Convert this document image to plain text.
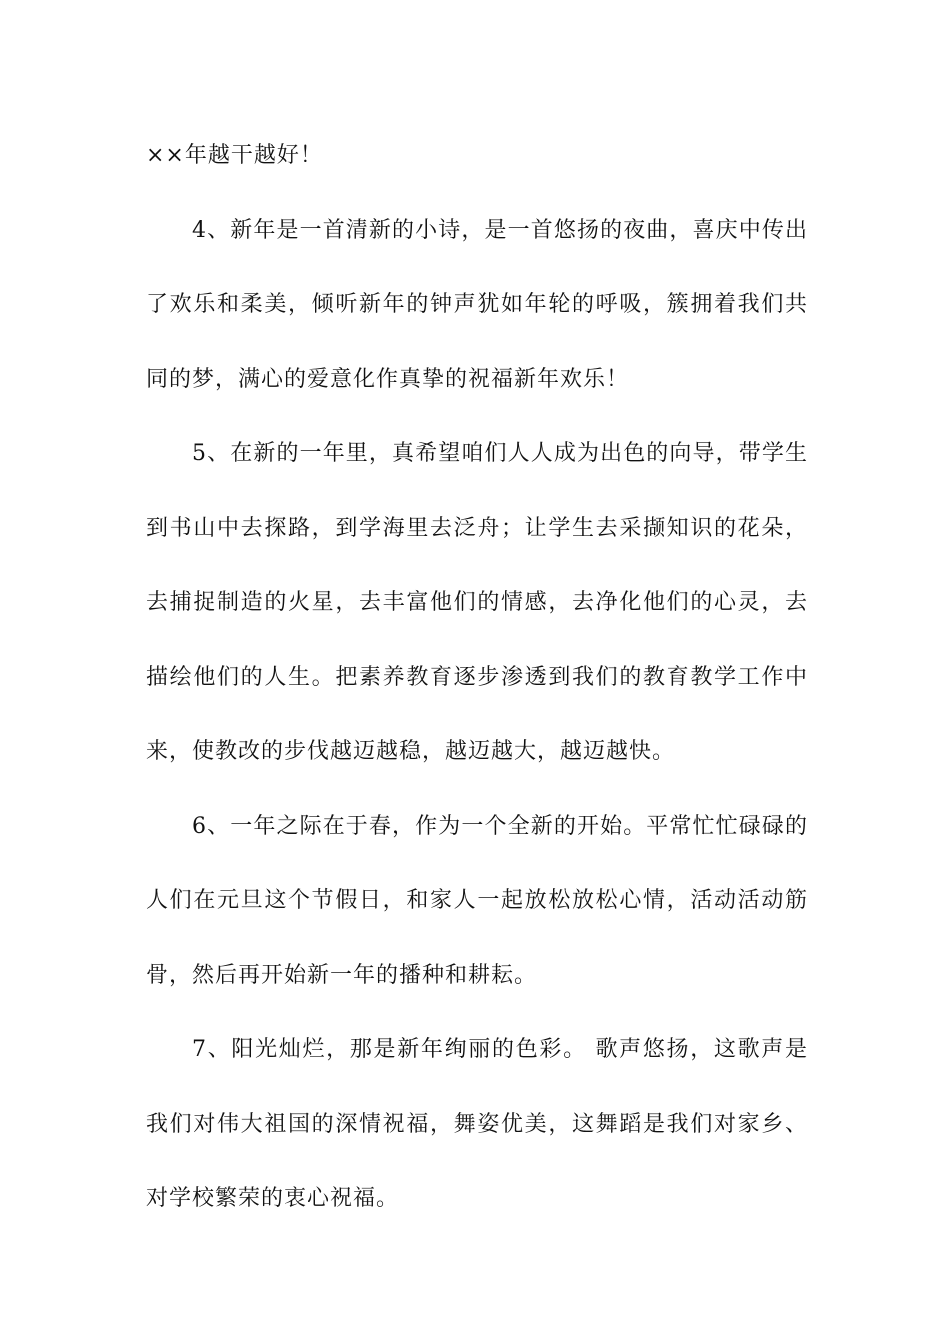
××年越干越好！

4、新年是一首清新的小诗，是一首悠扬的夜曲，喜庆中传出了欢乐和柔美，倾听新年的钟声犹如年轮的呼吸，簇拥着我们共同的梦，满心的爱意化作真挚的祝福新年欢乐！

5、在新的一年里，真希望咱们人人成为出色的向导，带学生到书山中去探路，到学海里去泛舟；让学生去采撷知识的花朵，去捕捉制造的火星，去丰富他们的情感，去净化他们的心灵，去描绘他们的人生。把素养教育逐步渗透到我们的教育教学工作中来，使教改的步伐越迈越稳，越迈越大，越迈越快。

6、一年之际在于春，作为一个全新的开始。平常忙忙碌碌的人们在元旦这个节假日，和家人一起放松放松心情，活动活动筋骨，然后再开始新一年的播种和耕耘。

7、阳光灿烂，那是新年绚丽的色彩。 歌声悠扬，这歌声是我们对伟大祖国的深情祝福，舞姿优美，这舞蹈是我们对家乡、对学校繁荣的衷心祝福。
